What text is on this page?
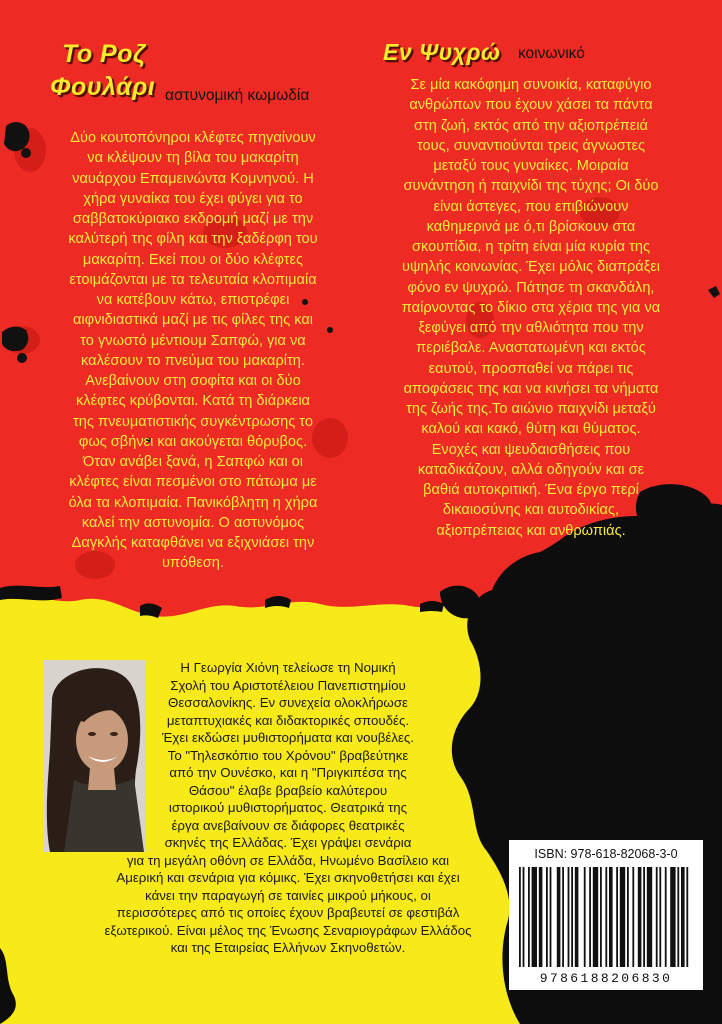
Το Ροζ
Φουλάρι αστυνομική κωμωδία
Δύο κουτοπόνηροι κλέφτες πηγαίνουν
να κλέψουν τη βίλα του μακαρίτη
ναυάρχου Επαμεινώντα Κομνηνού. Η
χήρα γυναίκα του έχει φύγει για το
σαββατοκύριακο εκδρομή μαζί με την
καλύτερή της φίλη και την ξαδέρφη του
μακαρίτη. Εκεί που οι δύο κλέφτες
ετοιμάζονται με τα τελευταία κλοπιμαία
να κατέβουν κάτω, επιστρέφει
αιφνιδιαστικά μαζί με τις φίλες της και
το γνωστό μέντιουμ Σαπφώ, για να
καλέσουν το πνεύμα του μακαρίτη.
Ανεβαίνουν στη σοφίτα και οι δύο
κλέφτες κρύβονται. Κατά τη διάρκεια
της πνευματιστικής συγκέντρωσης το
φως σβήνει και ακούγεται θόρυβος.
Όταν ανάβει ξανά, η Σαπφώ και οι
κλέφτες είναι πεσμένοι στο πάτωμα με
όλα τα κλοπιμαία. Πανικόβλητη η χήρα
καλεί την αστυνομία. Ο αστυνόμος
Δαγκλής καταφθάνει να εξιχνιάσει την
υπόθεση.
Εν Ψυχρώ κοινωνικό
Σε μία κακόφημη συνοικία, καταφύγιο
ανθρώπων που έχουν χάσει τα πάντα
στη ζωή, εκτός από την αξιοπρέπειά
τους, συναντιούνται τρεις άγνωστες
μεταξύ τους γυναίκες. Μοιραία
συνάντηση ή παιχνίδι της τύχης; Οι δύο
είναι άστεγες, που επιβιώνουν
καθημερινά με ό,τι βρίσκουν στα
σκουπίδια, η τρίτη είναι μία κυρία της
υψηλής κοινωνίας. Έχει μόλις διαπράξει
φόνο εν ψυχρώ. Πάτησε τη σκανδάλη,
παίρνοντας το δίκιο στα χέρια της για να
ξεφύγει από την αθλιότητα που την
περιέβαλε. Αναστατωμένη και εκτός
εαυτού, προσπαθεί να πάρει τις
αποφάσεις της και να κινήσει τα νήματα
της ζωής της.Το αιώνιο παιχνίδι μεταξύ
καλού και κακό, θύτη και θύματος.
Ενοχές και ψευδαισθήσεις που
καταδικάζουν, αλλά οδηγούν και σε
βαθιά αυτοκριτική. Ένα έργο περί
δικαιοσύνης και αυτοδικίας,
αξιοπρέπειας και ανθρωπιάς.
Η Γεωργία Χιόνη τελείωσε τη Νομική
Σχολή του Αριστοτέλειου Πανεπιστημίου
Θεσσαλονίκης. Εν συνεχεία ολοκλήρωσε
μεταπτυχιακές και διδακτορικές σπουδές.
Έχει εκδώσει μυθιστορήματα και νουβέλες.
Το "Τηλεσκόπιο του Χρόνου" βραβεύτηκε
από την Ουνέσκο, και η "Πριγκιπέσα της
Θάσου" έλαβε βραβείο καλύτερου
ιστορικού μυθιστορήματος. Θεατρικά της
έργα ανεβαίνουν σε διάφορες θεατρικές
σκηνές της Ελλάδας. Έχει γράψει σενάρια
για τη μεγάλη οθόνη σε Ελλάδα, Ηνωμένο Βασίλειο και
Αμερική και σενάρια για κόμικς. Έχει σκηνοθετήσει και έχει
κάνει την παραγωγή σε ταινίες μικρού μήκους, οι
περισσότερες από τις οποίες έχουν βραβευτεί σε φεστιβάλ
εξωτερικού. Είναι μέλος της Ένωσης Σεναριογράφων Ελλάδος
και της Εταιρείας Ελλήνων Σκηνοθετών.
ISBN: 978-618-82068-3-0
9786188206830
